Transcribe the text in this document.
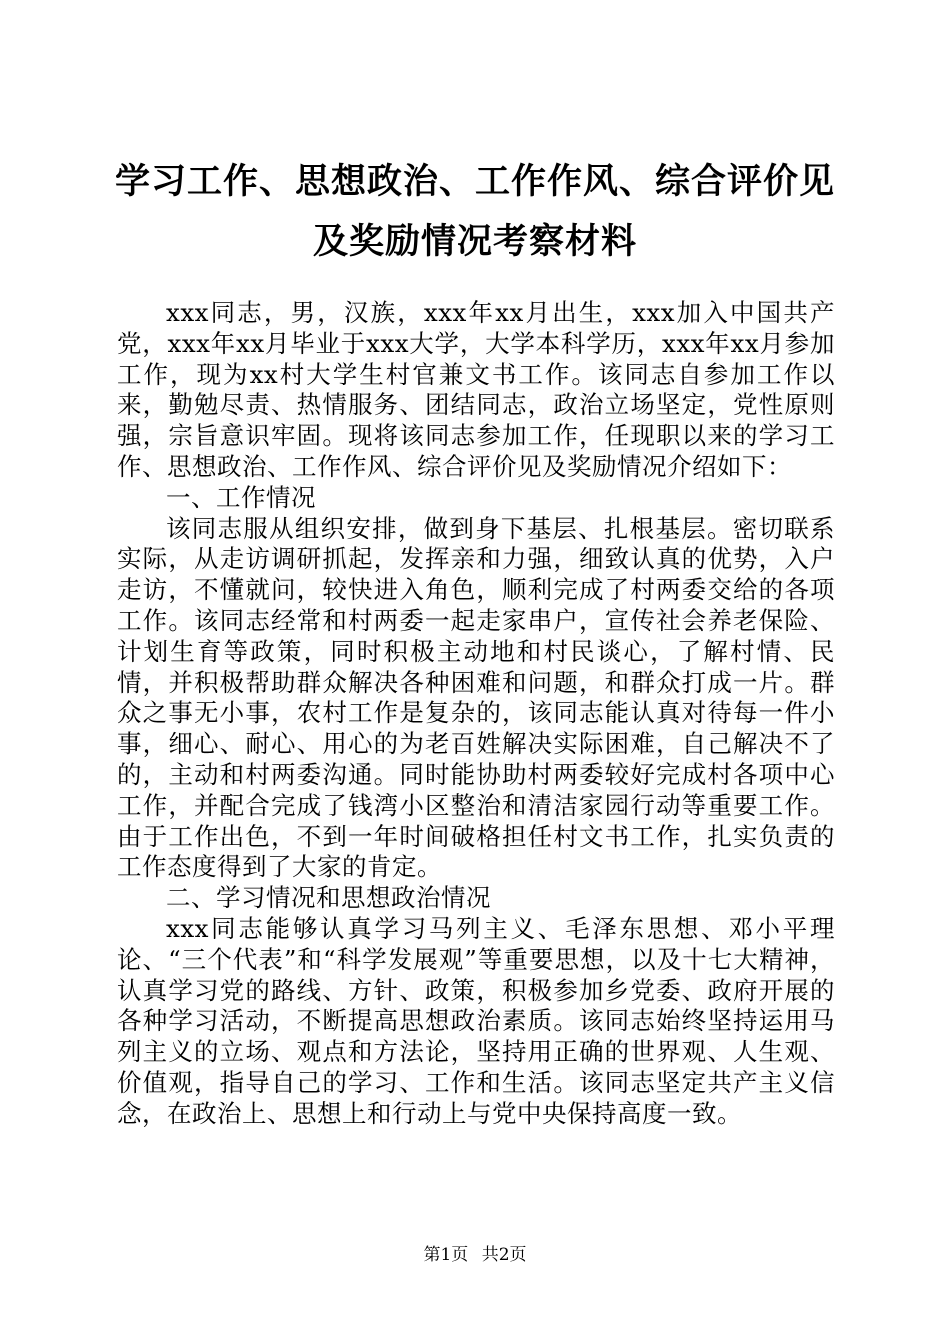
学习工作、思想政治、工作作风、综合评价见
及奖励情况考察材料

xxx同志，男，汉族，xxx年xx月出生，xxx加入中国共产党，xxx年xx月毕业于xxx大学，大学本科学历，xxx年xx月参加工作，现为xx村大学生村官兼文书工作。该同志自参加工作以来，勤勉尽责、热情服务、团结同志，政治立场坚定，党性原则强，宗旨意识牢固。现将该同志参加工作，任现职以来的学习工作、思想政治、工作作风、综合评价见及奖励情况介绍如下：

一、工作情况

该同志服从组织安排，做到身下基层、扎根基层。密切联系实际，从走访调研抓起，发挥亲和力强，细致认真的优势，入户走访，不懂就问，较快进入角色，顺利完成了村两委交给的各项工作。该同志经常和村两委一起走家串户，宣传社会养老保险、计划生育等政策，同时积极主动地和村民谈心，了解村情、民情，并积极帮助群众解决各种困难和问题，和群众打成一片。群众之事无小事，农村工作是复杂的，该同志能认真对待每一件小事，细心、耐心、用心的为老百姓解决实际困难，自己解决不了的，主动和村两委沟通。同时能协助村两委较好完成村各项中心工作，并配合完成了钱湾小区整治和清洁家园行动等重要工作。由于工作出色，不到一年时间破格担任村文书工作，扎实负责的工作态度得到了大家的肯定。

二、学习情况和思想政治情况

xxx同志能够认真学习马列主义、毛泽东思想、邓小平理论、“三个代表”和“科学发展观”等重要思想，以及十七大精神，认真学习党的路线、方针、政策，积极参加乡党委、政府开展的各种学习活动，不断提高思想政治素质。该同志始终坚持运用马列主义的立场、观点和方法论，坚持用正确的世界观、人生观、价值观，指导自己的学习、工作和生活。该同志坚定共产主义信念，在政治上、思想上和行动上与党中央保持高度一致。

第1页 共2页
